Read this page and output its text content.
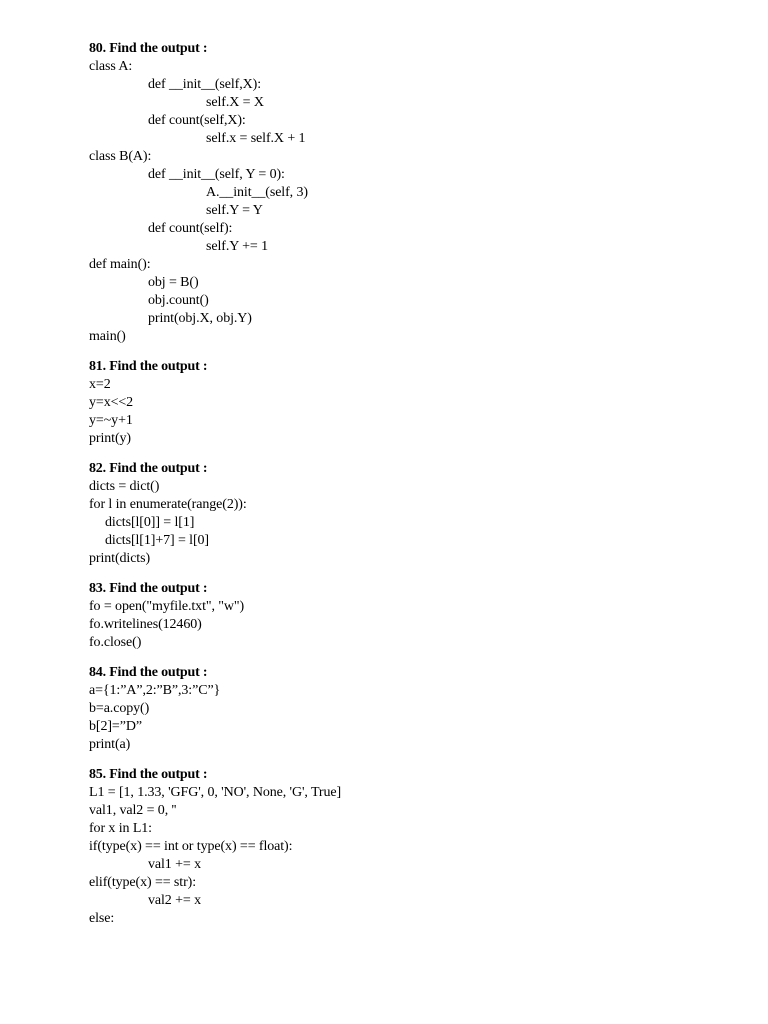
80. Find the output :
class A:
def __init__(self,X):
self.X = X
def count(self,X):
self.x = self.X + 1
class B(A):
def __init__(self, Y = 0):
A.__init__(self, 3)
self.Y = Y
def count(self):
self.Y += 1
def main():
obj = B()
obj.count()
print(obj.X, obj.Y)
main()
81. Find the output :
x=2
y=x<<2
y=~y+1
print(y)
82. Find the output :
dicts = dict()
for l in enumerate(range(2)):
dicts[l[0]] = l[1]
dicts[l[1]+7] = l[0]
print(dicts)
83. Find the output :
fo = open("myfile.txt", "w")
fo.writelines(12460)
fo.close()
84. Find the output :
a={1:”A”,2:”B”,3:”C”}
b=a.copy()
b[2]=”D”
print(a)
85. Find the output :
L1 = [1, 1.33, 'GFG', 0, 'NO', None, 'G', True]
val1, val2 = 0, ''
for x in L1:
if(type(x) == int or type(x) == float):
val1 += x
elif(type(x) == str):
val2 += x
else:
